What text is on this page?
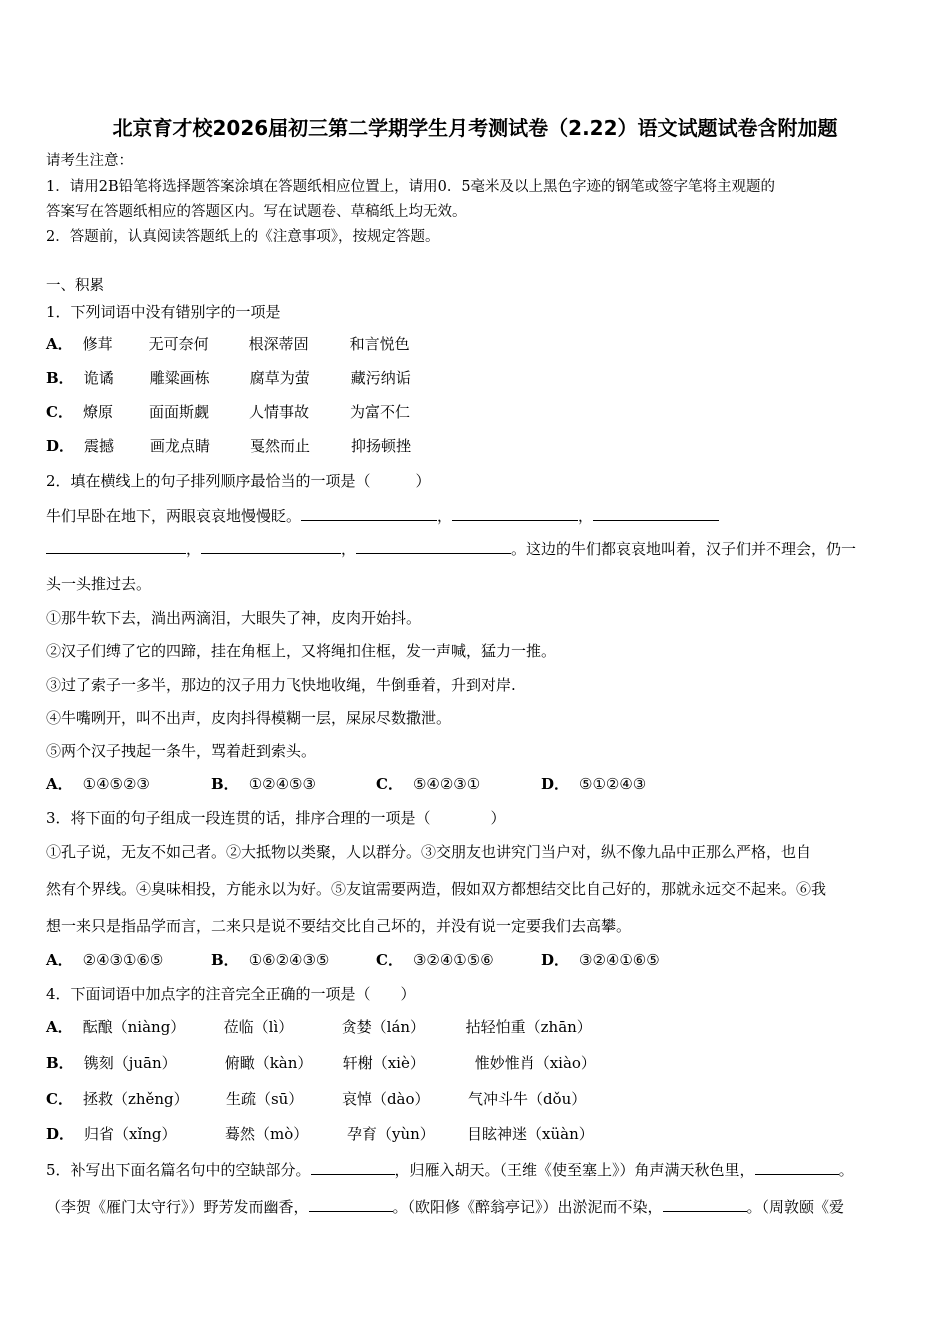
北京育才校2026届初三第二学期学生月考测试卷（2.22）语文试题试卷含附加题
请考生注意：
1．请用2B铅笔将选择题答案涂填在答题纸相应位置上，请用0．5毫米及以上黑色字迹的钢笔或签字笔将主观题的
答案写在答题纸相应的答题区内。写在试题卷、草稿纸上均无效。
2．答题前，认真阅读答题纸上的《注意事项》，按规定答题。
一、积累
1．下列词语中没有错别字的一项是
A． 修茸 无可奈何	根深蒂固	和言悦色
B． 诡谲 雕粱画栋	腐草为萤	藏污纳诟
C． 燎原 面面斯觑	人情事故	为富不仁
D． 震撼 画龙点睛	戛然而止	抑扬顿挫
2．填在横线上的句子排列顺序最恰当的一项是（　　　）
牛们早卧在地下，两眼哀哀地慢慢眨。	，	，
，	，	。这边的牛们都哀哀地叫着，汉子们并不理会，仍一
头一头推过去。
①那牛软下去，淌出两滴泪，大眼失了神，皮肉开始抖。
②汉子们缚了它的四蹄，挂在角框上，又将绳扣住框，发一声喊，猛力一推。
③过了索子一多半，那边的汉子用力飞快地收绳，牛倒垂着，升到对岸.
④牛嘴咧开，叫不出声，皮肉抖得模糊一层，屎尿尽数撒泄。
⑤两个汉子拽起一条牛，骂着赶到索头。
A． ①④⑤②③	B． ①②④⑤③	C． ⑤④②③①	D． ⑤①②④③
3．将下面的句子组成一段连贯的话，排序合理的一项是（　　　　）
①孔子说，无友不如己者。②大抵物以类聚，人以群分。③交朋友也讲究门当户对，纵不像九品中正那么严格，也自
然有个界线。④臭味相投，方能永以为好。⑤友谊需要两造，假如双方都想结交比自己好的，那就永远交不起来。⑥我
想一来只是指品学而言，二来只是说不要结交比自己坏的，并没有说一定要我们去高攀。
A． ②④③①⑥⑤	B． ①⑥②④③⑤	C． ③②④①⑤⑥	D． ③②④①⑥⑤
4．下面词语中加点字的注音完全正确的一项是（　　）
A． 酝酿（niàng）	莅临（lì）	贪婪（lán）	拈轻怕重（zhān）
B． 镌刻（juān）	俯瞰（kàn） 轩榭（xiè）	惟妙惟肖（xiào）
C． 拯救（zhěng） 生疏（sū）	哀悼（dào）	气冲斗牛（dǒu）
D． 归省（xǐng）	蓦然（mò）	孕育（yùn） 目眩神迷（xüàn）
5．补写出下面名篇名句中的空缺部分。	，归雁入胡天。（王维《使至塞上》）角声满天秋色里，	。
（李贺《雁门太守行》）野芳发而幽香，	。（欧阳修《醉翁亭记》）出淤泥而不染，	。（周敦颐《爱
